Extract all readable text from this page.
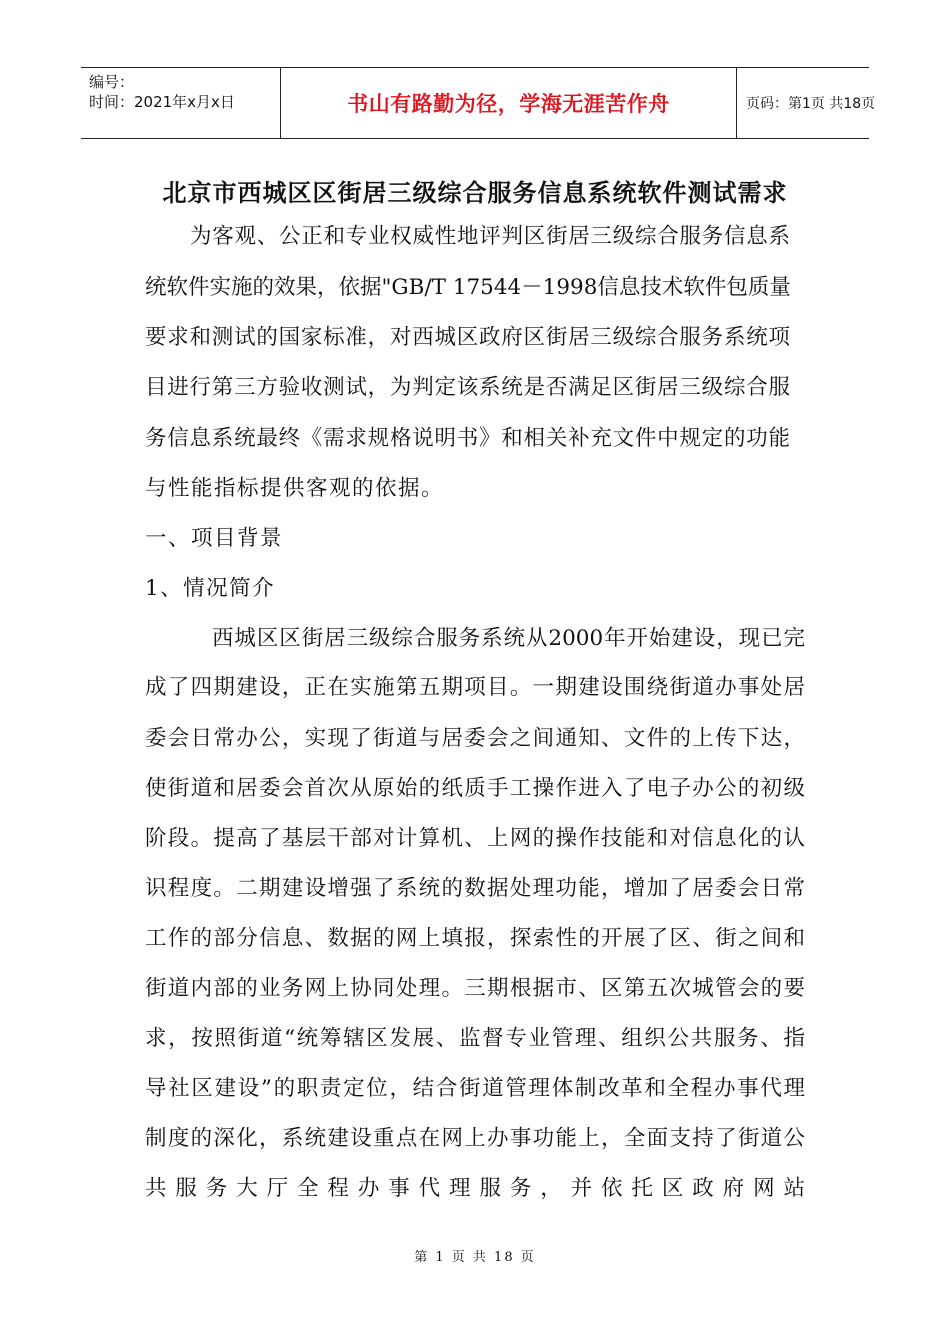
编号：
时间：2021年x月x日	书山有路勤为径，学海无涯苦作舟	页码：第1页 共18页
北京市西城区区街居三级综合服务信息系统软件测试需求
为客观、公正和专业权威性地评判区街居三级综合服务信息系
统软件实施的效果，依据"GB/T 17544－1998信息技术软件包质量
要求和测试的国家标准，对西城区政府区街居三级综合服务系统项
目进行第三方验收测试，为判定该系统是否满足区街居三级综合服
务信息系统最终《需求规格说明书》和相关补充文件中规定的功能
与性能指标提供客观的依据。
一、项目背景
1、情况简介
西城区区街居三级综合服务系统从2000年开始建设，现已完
成了四期建设，正在实施第五期项目。一期建设围绕街道办事处居
委会日常办公，实现了街道与居委会之间通知、文件的上传下达，
使街道和居委会首次从原始的纸质手工操作进入了电子办公的初级
阶段。提高了基层干部对计算机、上网的操作技能和对信息化的认
识程度。二期建设增强了系统的数据处理功能，增加了居委会日常
工作的部分信息、数据的网上填报，探索性的开展了区、街之间和
街道内部的业务网上协同处理。三期根据市、区第五次城管会的要
求，按照街道“统筹辖区发展、监督专业管理、组织公共服务、指
导社区建设”的职责定位，结合街道管理体制改革和全程办事代理
制度的深化，系统建设重点在网上办事功能上，全面支持了街道公
共服务大厅全程办事代理服务，并依托区政府网站
第 1 页 共 18 页
